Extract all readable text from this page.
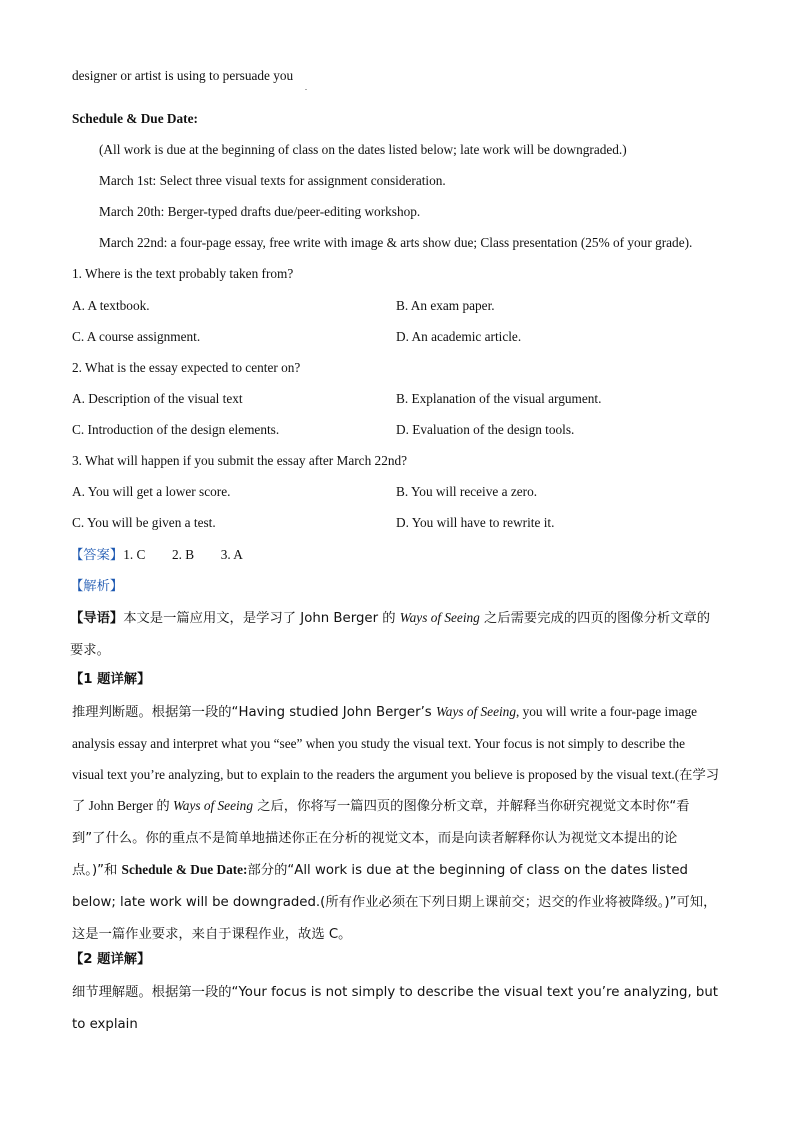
designer or artist is using to persuade you
.
Schedule & Due Date:
(All work is due at the beginning of class on the dates listed below; late work will be downgraded.)
March 1st: Select three visual texts for assignment consideration.
March 20th: Berger-typed drafts due/peer-editing workshop.
March 22nd: a four-page essay, free write with image & arts show due; Class presentation (25% of your grade).
1. Where is the text probably taken from?
A. A textbook.	B. An exam paper.
C. A course assignment.	D. An academic article.
2. What is the essay expected to center on?
A. Description of the visual text	B. Explanation of the visual argument.
C. Introduction of the design elements.	D. Evaluation of the design tools.
3. What will happen if you submit the essay after March 22nd?
A. You will get a lower score.	B. You will receive a zero.
C. You will be given a test.	D. You will have to rewrite it.
【答案】1. C        2. B        3. A
【解析】
【导语】本文是一篇应用文，是学习了 John Berger 的 Ways of Seeing 之后需要完成的四页的图像分析文章的要求。
【1 题详解】
推理判断题。根据第一段的“Having studied John Berger’s Ways of Seeing, you will write a four-page image analysis essay and interpret what you “see” when you study the visual text. Your focus is not simply to describe the visual text you’re analyzing, but to explain to the readers the argument you believe is proposed by the visual text.(在学习了 John Berger 的 Ways of Seeing 之后，你将写一篇四页的图像分析文章，并解释当你研究视觉文本时你“看到”了什么。你的重点不是简单地描述你正在分析的视觉文本，而是向读者解释你认为视觉文本提出的论点。)”和 Schedule & Due Date:部分的“All work is due at the beginning of class on the dates listed below; late work will be downgraded.(所有作业必须在下列日期上课前交；迟交的作业将被降级。)”可知，这是一篇作业要求，来自于课程作业，故选 C。
【2 题详解】
细节理解题。根据第一段的“Your focus is not simply to describe the visual text you’re analyzing, but to explain
